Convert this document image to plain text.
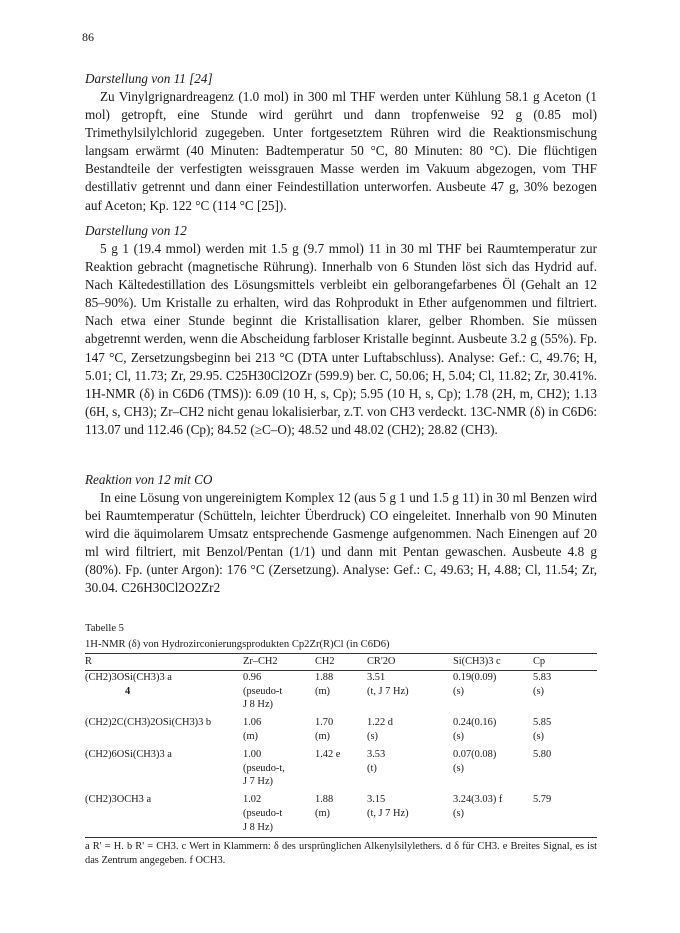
86
Darstellung von 11 [24]

Zu Vinylgrignardreagenz (1.0 mol) in 300 ml THF werden unter Kühlung 58.1 g Aceton (1 mol) getropft, eine Stunde wird gerührt und dann tropfenweise 92 g (0.85 mol) Trimethylsilylchlorid zugegeben. Unter fortgesetztem Rühren wird die Reaktionsmischung langsam erwärmt (40 Minuten: Badtemperatur 50 °C, 80 Minuten: 80 °C). Die flüchtigen Bestandteile der verfestigten weissgrauen Masse werden im Vakuum abgezogen, vom THF destillativ getrennt und dann einer Feindestillation unterworfen. Ausbeute 47 g, 30% bezogen auf Aceton; Kp. 122 °C (114 °C [25]).

Darstellung von 12

5 g 1 (19.4 mmol) werden mit 1.5 g (9.7 mmol) 11 in 30 ml THF bei Raumtemperatur zur Reaktion gebracht (magnetische Rührung). Innerhalb von 6 Stunden löst sich das Hydrid auf. Nach Kältedestillation des Lösungsmittels verbleibt ein gelborangefarbenes Öl (Gehalt an 12 85–90%). Um Kristalle zu erhalten, wird das Rohprodukt in Ether aufgenommen und filtriert. Nach etwa einer Stunde beginnt die Kristallisation klarer, gelber Rhomben. Sie müssen abgetrennt werden, wenn die Abscheidung farbloser Kristalle beginnt. Ausbeute 3.2 g (55%). Fp. 147 °C, Zersetzungsbeginn bei 213 °C (DTA unter Luftabschluss). Analyse: Gef.: C, 49.76; H, 5.01; Cl, 11.73; Zr, 29.95. C25H30Cl2OZr (599.9) ber. C, 50.06; H, 5.04; Cl, 11.82; Zr, 30.41%. 1H-NMR (δ) in C6D6 (TMS)): 6.09 (10 H, s, Cp); 5.95 (10 H, s, Cp); 1.78 (2H, m, CH2); 1.13 (6H, s, CH3); Zr–CH2 nicht genau lokalisierbar, z.T. von CH3 verdeckt. 13C-NMR (δ) in C6D6: 113.07 und 112.46 (Cp); 84.52 (≥C–O); 48.52 und 48.02 (CH2); 28.82 (CH3).

Reaktion von 12 mit CO

In eine Lösung von ungereinigtem Komplex 12 (aus 5 g 1 und 1.5 g 11) in 30 ml Benzen wird bei Raumtemperatur (Schütteln, leichter Überdruck) CO eingeleitet. Innerhalb von 90 Minuten wird die äquimolarem Umsatz entsprechende Gasmenge aufgenommen. Nach Einengen auf 20 ml wird filtriert, mit Benzol/Pentan (1/1) und dann mit Pentan gewaschen. Ausbeute 4.8 g (80%). Fp. (unter Argon): 176 °C (Zersetzung). Analyse: Gef.: C, 49.63; H, 4.88; Cl, 11.54; Zr, 30.04. C26H30Cl2O2Zr2

Tabelle 5
1H-NMR (δ) von Hydrozirconierungsprodukten Cp2Zr(R)Cl (in C6D6)
R	Zr–CH2	CH2	CR'2O	Si(CH3)3 c	Cp
(CH2)3OSi(CH3)3 a	0.96	1.88	3.51	0.19(0.09)	5.83
4	(pseudo-t	(m)	(t, J 7 Hz)	(s)	(s)
	J 8 Hz)				
(CH2)2C(CH3)2OSi(CH3)3 b	1.06	1.70	1.22 d	0.24(0.16)	5.85
	(m)	(m)	(s)	(s)	(s)
(CH2)6OSi(CH3)3 a	1.00	1.42 e	3.53	0.07(0.08)	5.80
	(pseudo-t,		(t)	(s)	
	J 7 Hz)				
(CH2)3OCH3 a	1.02	1.88	3.15	3.24(3.03) f	5.79
	(pseudo-t	(m)	(t, J 7 Hz)	(s)	
	J 8 Hz)				
a R' = H. b R' = CH3. c Wert in Klammern: δ des ursprünglichen Alkenylsilylethers. d δ für CH3. e Breites Signal, es ist das Zentrum angegeben. f OCH3.
